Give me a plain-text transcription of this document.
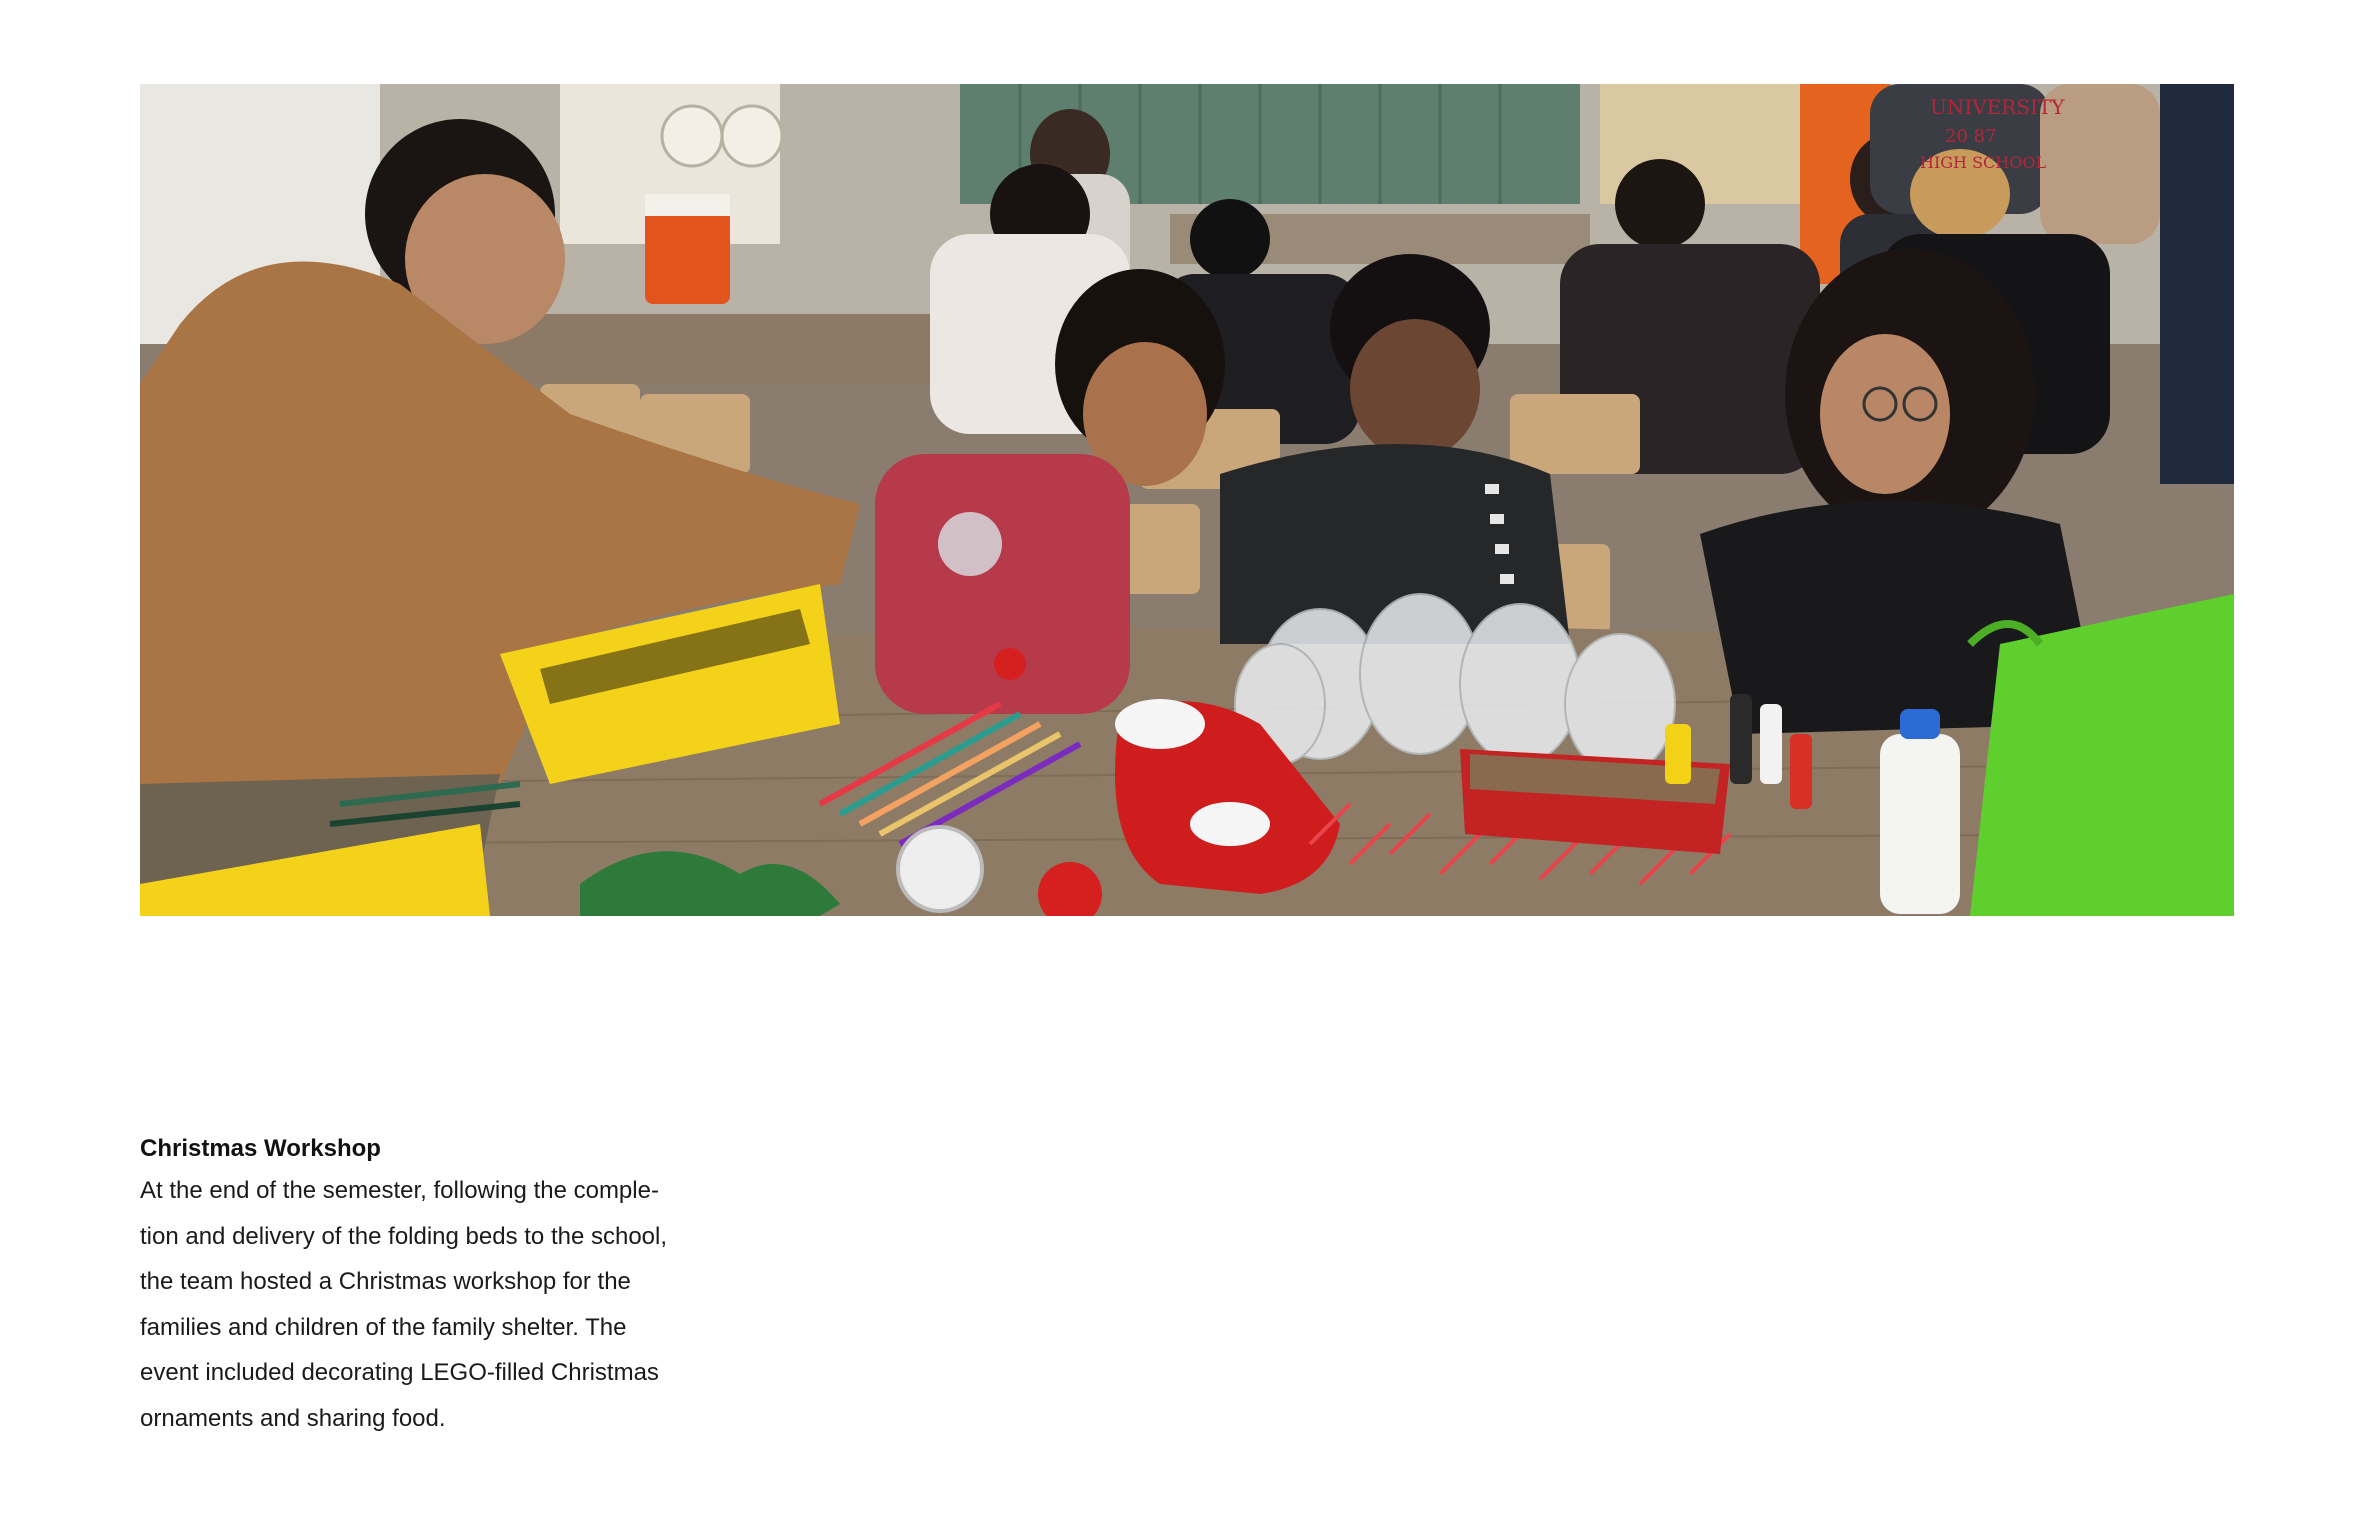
UNIVERSITY
20 87
HIGH SCHOOL

Christmas Workshop

At the end of the semester, following the comple-
tion and delivery of the folding beds to the school,
the team hosted a Christmas workshop for the
families and children of the family shelter. The
event included decorating LEGO-filled Christmas
ornaments and sharing food.
